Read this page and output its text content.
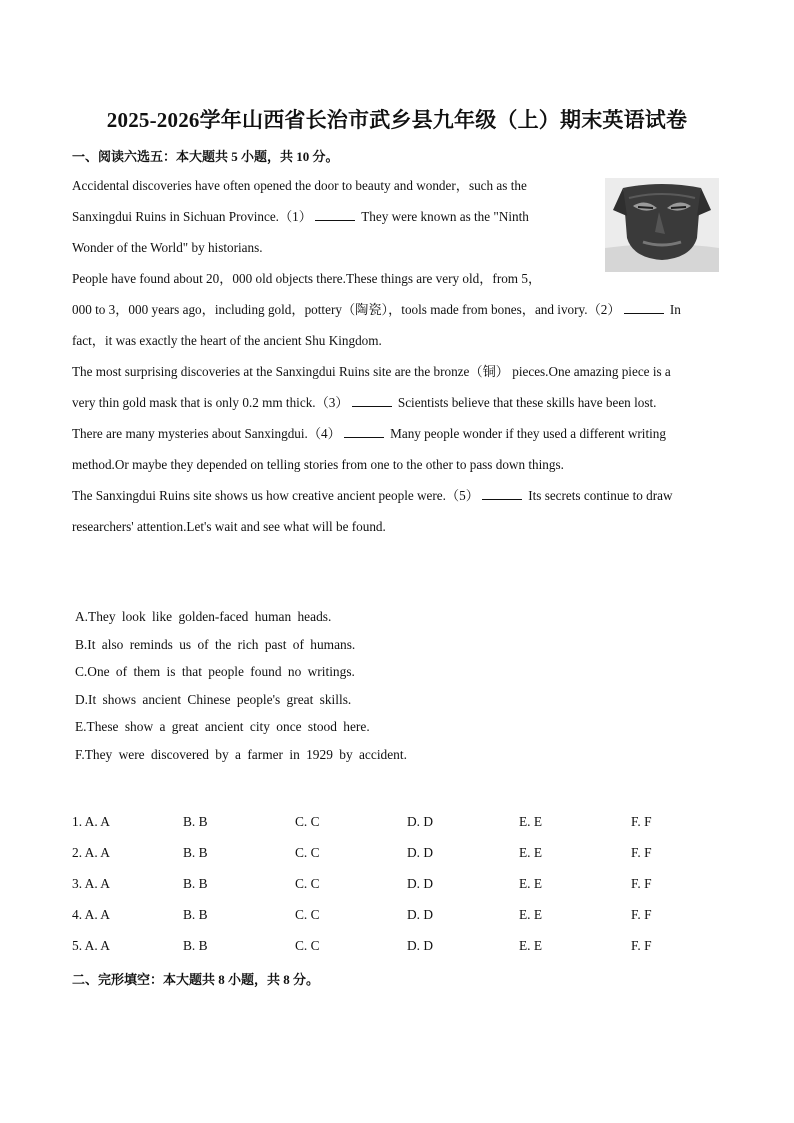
2025-2026学年山西省长治市武乡县九年级（上）期末英语试卷
一、阅读六选五：本大题共 5 小题，共 10 分。
Accidental discoveries have often opened the door to beauty and wonder，such as the
Sanxingdui Ruins in Sichuan Province.（1）	They were known as the "Ninth
Wonder of the World" by historians.
People have found about 20，000 old objects there.These things are very old，from 5，
000 to 3，000 years ago，including gold，pottery（陶瓷），tools made from bones，and ivory.（2）	In
fact，it was exactly the heart of the ancient Shu Kingdom.
The most surprising discoveries at the Sanxingdui Ruins site are the bronze（铜） pieces.One amazing piece is a
very thin gold mask that is only 0.2 mm thick.（3）	Scientists believe that these skills have been lost.
There are many mysteries about Sanxingdui.（4）	Many people wonder if they used a different writing
method.Or maybe they depended on telling stories from one to the other to pass down things.
The Sanxingdui Ruins site shows us how creative ancient people were.（5）	Its secrets continue to draw
researchers' attention.Let's wait and see what will be found.
A.They look like golden-faced human heads.
B.It also reminds us of the rich past of humans.
C.One of them is that people found no writings.
D.It shows ancient Chinese people's great skills.
E.These show a great ancient city once stood here.
F.They were discovered by a farmer in 1929 by accident.
1. A. A	B. B	C. C	D. D	E. E	F. F
2. A. A	B. B	C. C	D. D	E. E	F. F
3. A. A	B. B	C. C	D. D	E. E	F. F
4. A. A	B. B	C. C	D. D	E. E	F. F
5. A. A	B. B	C. C	D. D	E. E	F. F
二、完形填空：本大题共 8 小题，共 8 分。
